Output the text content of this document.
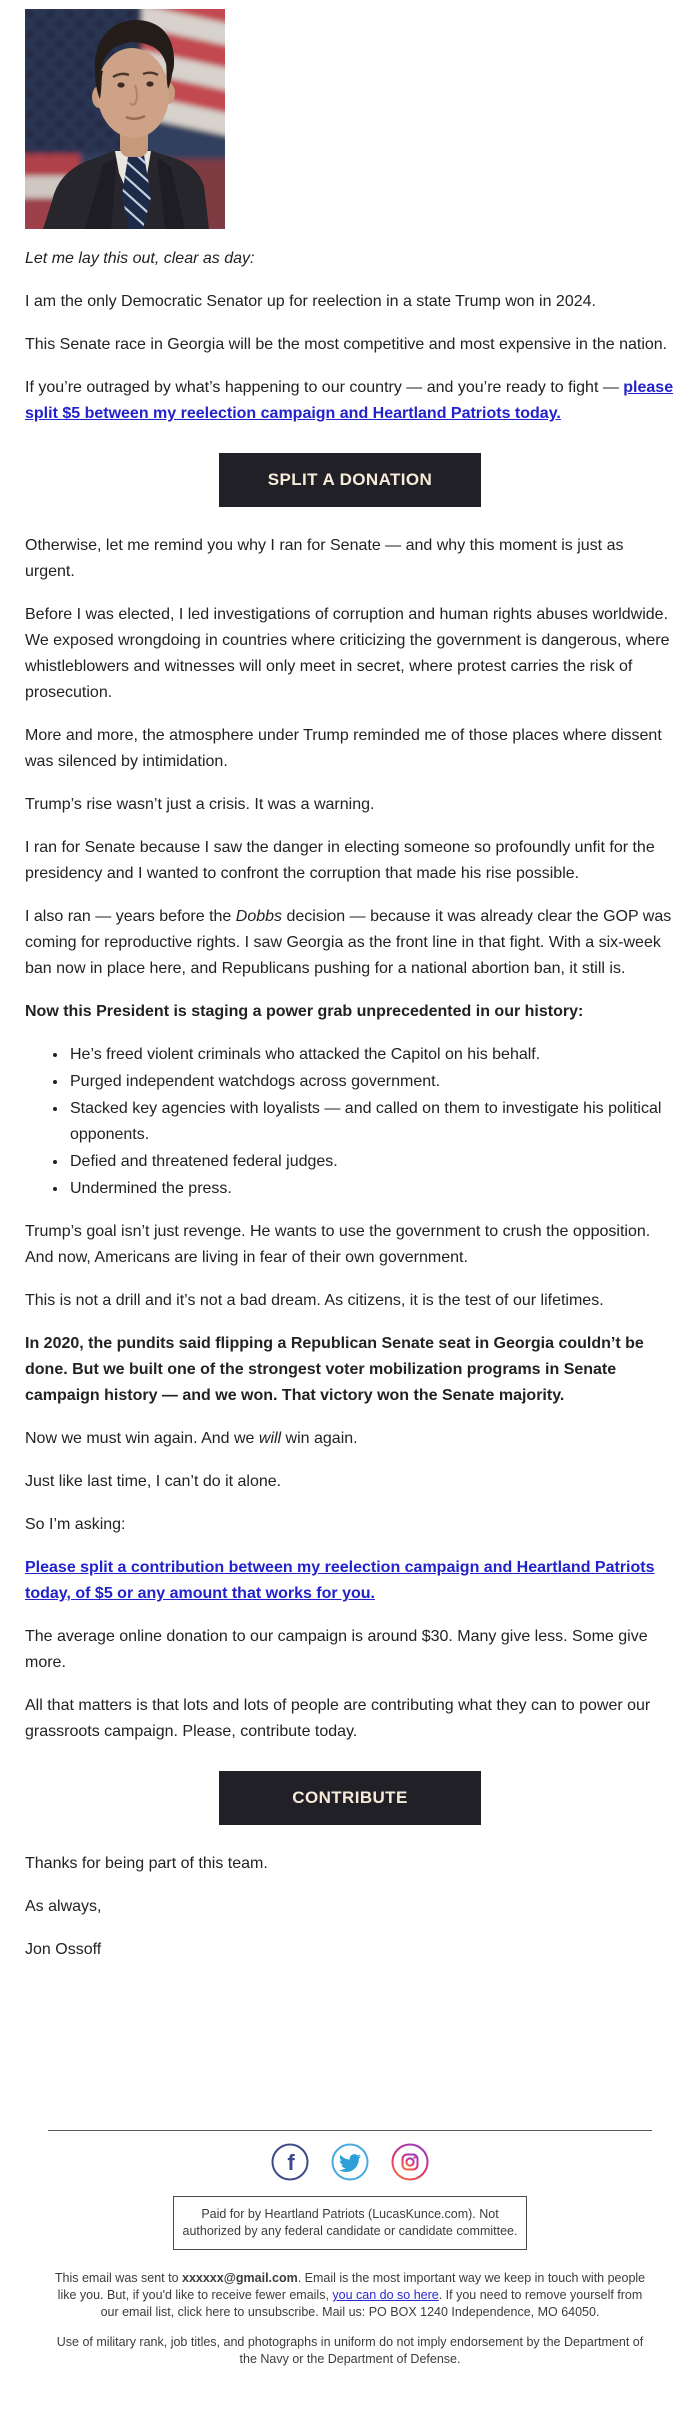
Let me lay this out, clear as day:

I am the only Democratic Senator up for reelection in a state Trump won in 2024.

This Senate race in Georgia will be the most competitive and most expensive in the nation.

If you’re outraged by what’s happening to our country — and you’re ready to fight — please split $5 between my reelection campaign and Heartland Patriots today.

SPLIT A DONATION

Otherwise, let me remind you why I ran for Senate — and why this moment is just as urgent.

Before I was elected, I led investigations of corruption and human rights abuses worldwide. We exposed wrongdoing in countries where criticizing the government is dangerous, where whistleblowers and witnesses will only meet in secret, where protest carries the risk of prosecution.

More and more, the atmosphere under Trump reminded me of those places where dissent was silenced by intimidation.

Trump’s rise wasn’t just a crisis. It was a warning.

I ran for Senate because I saw the danger in electing someone so profoundly unfit for the presidency and I wanted to confront the corruption that made his rise possible.

I also ran — years before the Dobbs decision — because it was already clear the GOP was coming for reproductive rights. I saw Georgia as the front line in that fight. With a six-week ban now in place here, and Republicans pushing for a national abortion ban, it still is.

Now this President is staging a power grab unprecedented in our history:

• He’s freed violent criminals who attacked the Capitol on his behalf.
• Purged independent watchdogs across government.
• Stacked key agencies with loyalists — and called on them to investigate his political opponents.
• Defied and threatened federal judges.
• Undermined the press.

Trump’s goal isn’t just revenge. He wants to use the government to crush the opposition. And now, Americans are living in fear of their own government.

This is not a drill and it’s not a bad dream. As citizens, it is the test of our lifetimes.

In 2020, the pundits said flipping a Republican Senate seat in Georgia couldn’t be done. But we built one of the strongest voter mobilization programs in Senate campaign history — and we won. That victory won the Senate majority.

Now we must win again. And we will win again.

Just like last time, I can’t do it alone.

So I’m asking:

Please split a contribution between my reelection campaign and Heartland Patriots today, of $5 or any amount that works for you.

The average online donation to our campaign is around $30. Many give less. Some give more.

All that matters is that lots and lots of people are contributing what they can to power our grassroots campaign. Please, contribute today.

CONTRIBUTE

Thanks for being part of this team.

As always,

Jon Ossoff

f

Paid for by Heartland Patriots (LucasKunce.com). Not authorized by any federal candidate or candidate committee.

This email was sent to xxxxxx@gmail.com. Email is the most important way we keep in touch with people like you. But, if you'd like to receive fewer emails, you can do so here. If you need to remove yourself from our email list, click here to unsubscribe. Mail us: PO BOX 1240 Independence, MO 64050.

Use of military rank, job titles, and photographs in uniform do not imply endorsement by the Department of the Navy or the Department of Defense.
